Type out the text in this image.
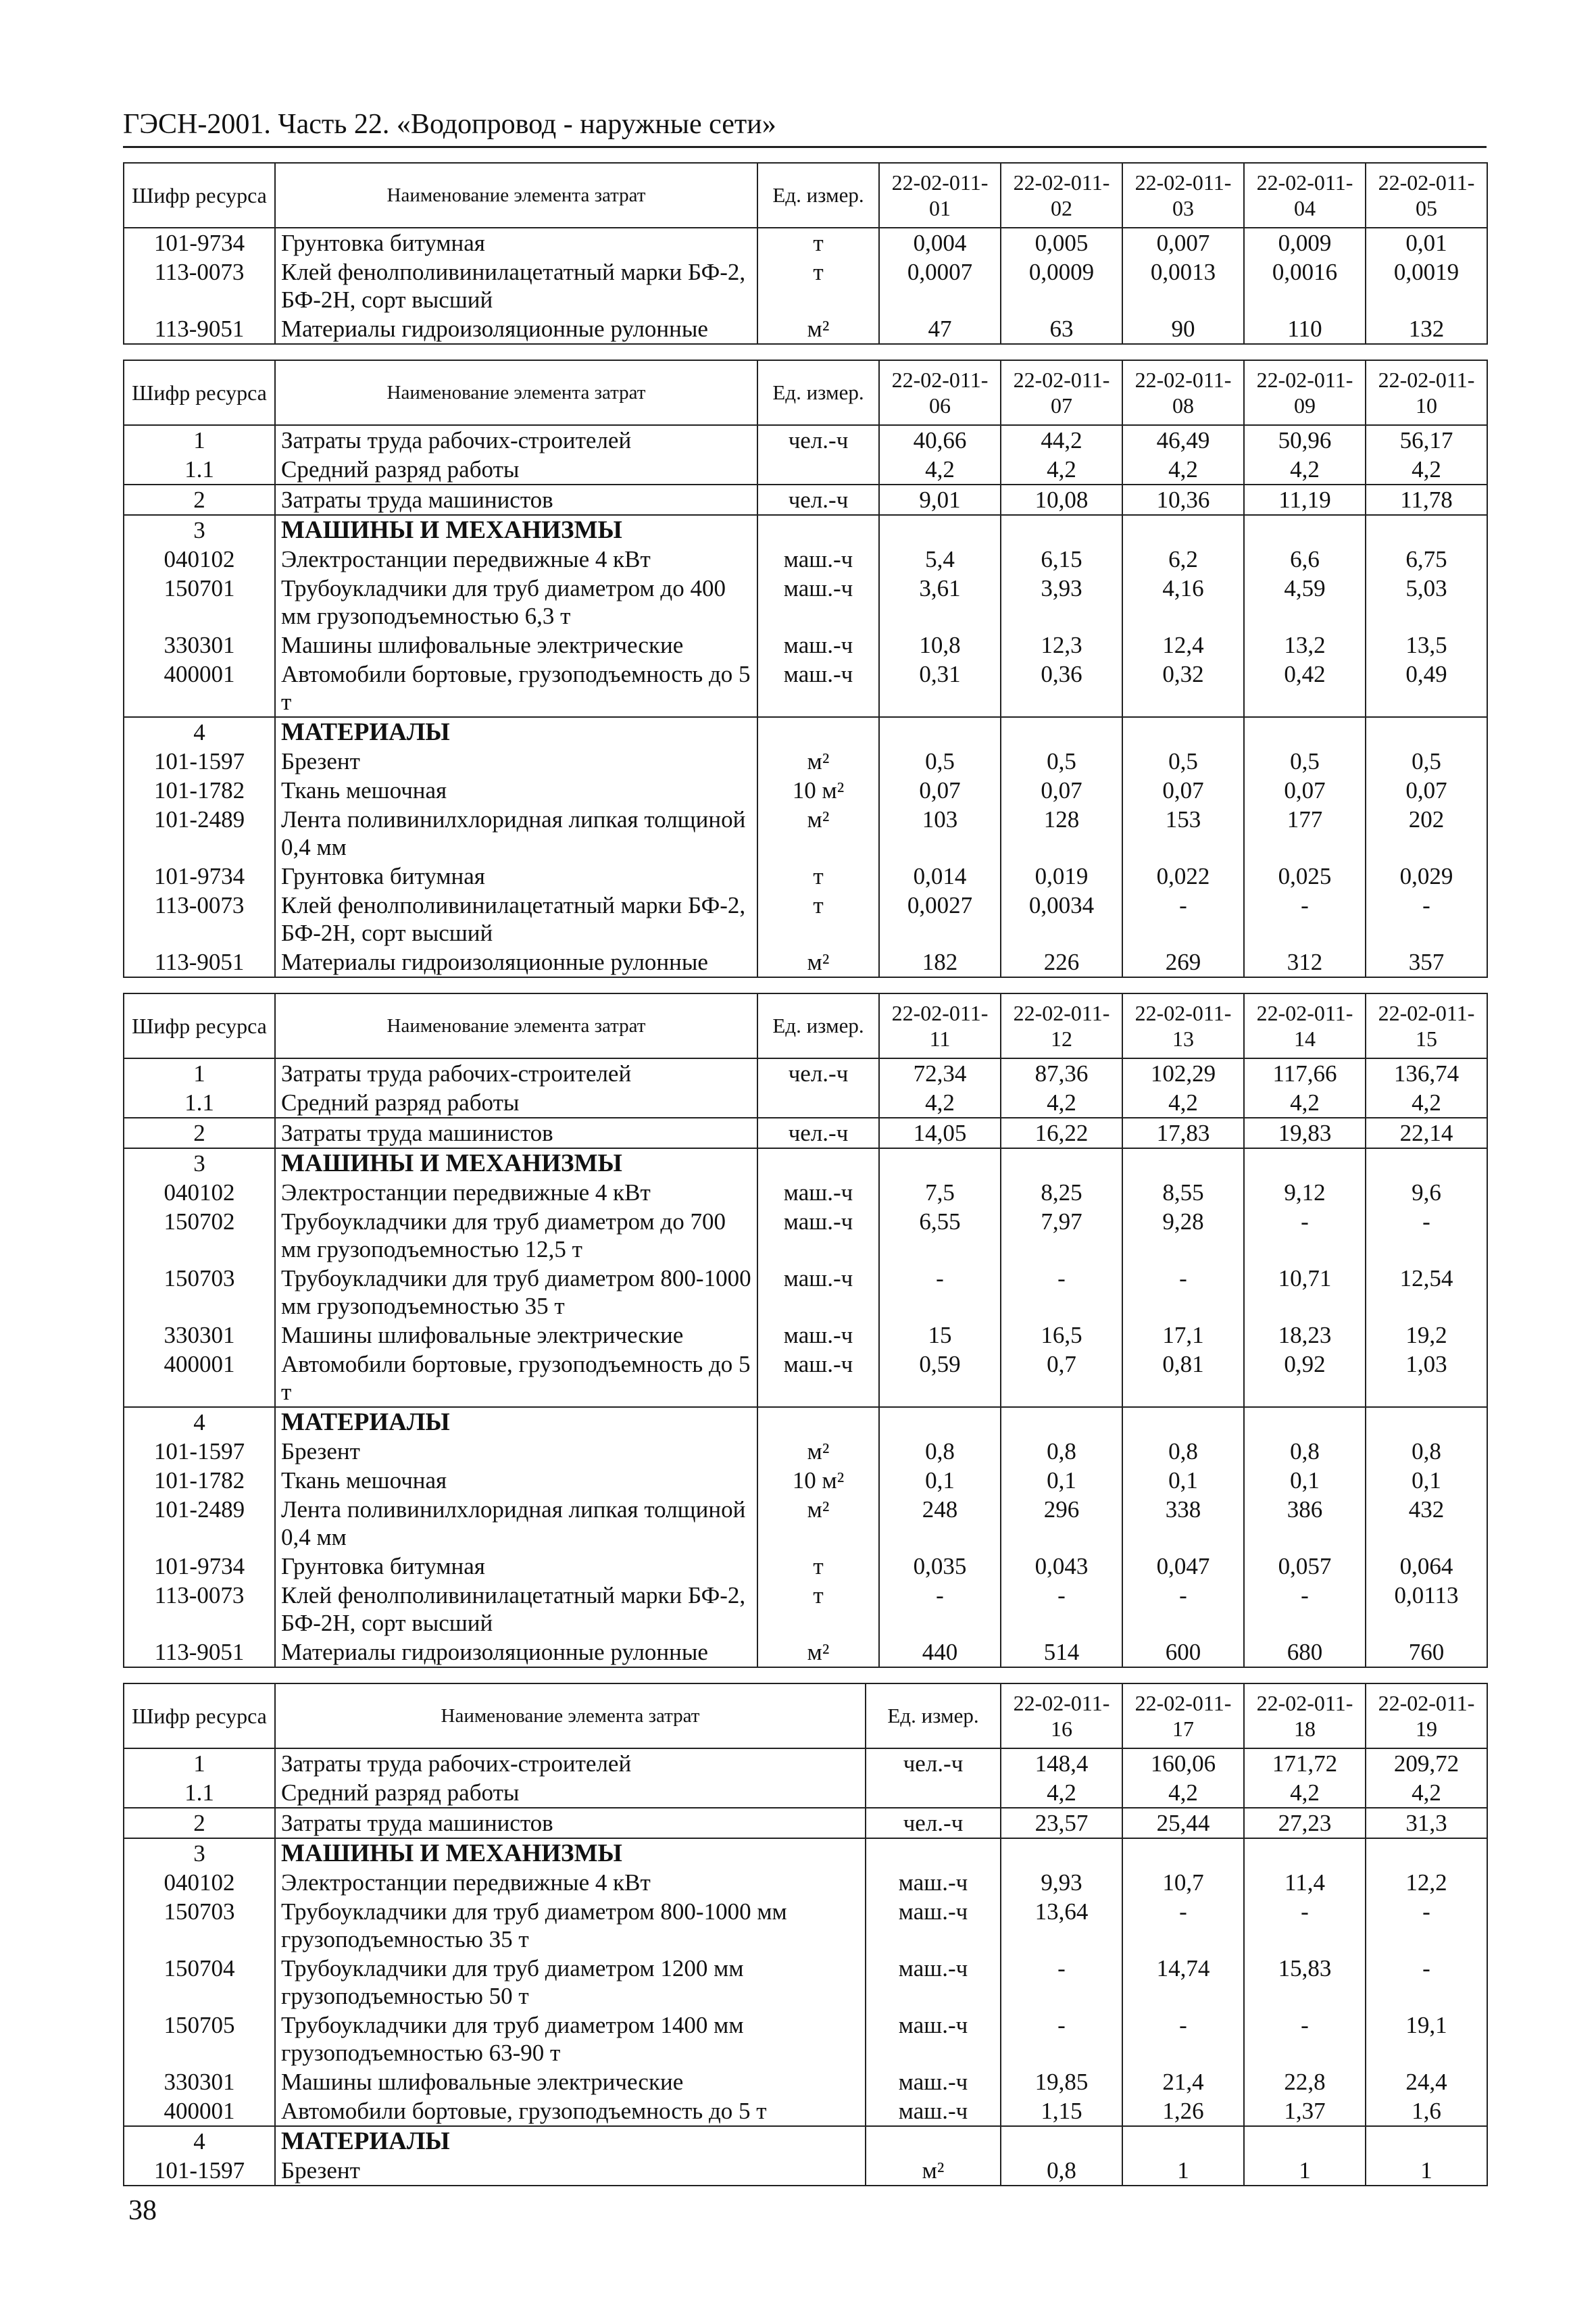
ГЭСН-2001. Часть 22. «Водопровод - наружные сети»
Шифр ресурса	Наименование элемента затрат	Ед. измер.	22-02-011-01	22-02-011-02	22-02-011-03	22-02-011-04	22-02-011-05
101-9734	Грунтовка битумная	т	0,004	0,005	0,007	0,009	0,01
113-0073	Клей фенолполивинилацетатный марки БФ-2, БФ-2Н, сорт высший	т	0,0007	0,0009	0,0013	0,0016	0,0019
113-9051	Материалы гидроизоляционные рулонные	м²	47	63	90	110	132
Шифр ресурса	Наименование элемента затрат	Ед. измер.	22-02-011-06	22-02-011-07	22-02-011-08	22-02-011-09	22-02-011-10
1	Затраты труда рабочих-строителей	чел.-ч	40,66	44,2	46,49	50,96	56,17
1.1	Средний разряд работы		4,2	4,2	4,2	4,2	4,2
2	Затраты труда машинистов	чел.-ч	9,01	10,08	10,36	11,19	11,78
3	МАШИНЫ И МЕХАНИЗМЫ						
040102	Электростанции передвижные 4 кВт	маш.-ч	5,4	6,15	6,2	6,6	6,75
150701	Трубоукладчики для труб диаметром до 400 мм грузоподъемностью 6,3 т	маш.-ч	3,61	3,93	4,16	4,59	5,03
330301	Машины шлифовальные электрические	маш.-ч	10,8	12,3	12,4	13,2	13,5
400001	Автомобили бортовые, грузоподъемность до 5 т	маш.-ч	0,31	0,36	0,32	0,42	0,49
4	МАТЕРИАЛЫ						
101-1597	Брезент	м²	0,5	0,5	0,5	0,5	0,5
101-1782	Ткань мешочная	10 м²	0,07	0,07	0,07	0,07	0,07
101-2489	Лента поливинилхлоридная липкая толщиной 0,4 мм	м²	103	128	153	177	202
101-9734	Грунтовка битумная	т	0,014	0,019	0,022	0,025	0,029
113-0073	Клей фенолполивинилацетатный марки БФ-2, БФ-2Н, сорт высший	т	0,0027	0,0034	-	-	-
113-9051	Материалы гидроизоляционные рулонные	м²	182	226	269	312	357
Шифр ресурса	Наименование элемента затрат	Ед. измер.	22-02-011-11	22-02-011-12	22-02-011-13	22-02-011-14	22-02-011-15
1	Затраты труда рабочих-строителей	чел.-ч	72,34	87,36	102,29	117,66	136,74
1.1	Средний разряд работы		4,2	4,2	4,2	4,2	4,2
2	Затраты труда машинистов	чел.-ч	14,05	16,22	17,83	19,83	22,14
3	МАШИНЫ И МЕХАНИЗМЫ						
040102	Электростанции передвижные 4 кВт	маш.-ч	7,5	8,25	8,55	9,12	9,6
150702	Трубоукладчики для труб диаметром до 700 мм грузоподъемностью 12,5 т	маш.-ч	6,55	7,97	9,28	-	-
150703	Трубоукладчики для труб диаметром 800-1000 мм грузоподъемностью 35 т	маш.-ч	-	-	-	10,71	12,54
330301	Машины шлифовальные электрические	маш.-ч	15	16,5	17,1	18,23	19,2
400001	Автомобили бортовые, грузоподъемность до 5 т	маш.-ч	0,59	0,7	0,81	0,92	1,03
4	МАТЕРИАЛЫ						
101-1597	Брезент	м²	0,8	0,8	0,8	0,8	0,8
101-1782	Ткань мешочная	10 м²	0,1	0,1	0,1	0,1	0,1
101-2489	Лента поливинилхлоридная липкая толщиной 0,4 мм	м²	248	296	338	386	432
101-9734	Грунтовка битумная	т	0,035	0,043	0,047	0,057	0,064
113-0073	Клей фенолполивинилацетатный марки БФ-2, БФ-2Н, сорт высший	т	-	-	-	-	0,0113
113-9051	Материалы гидроизоляционные рулонные	м²	440	514	600	680	760
Шифр ресурса	Наименование элемента затрат	Ед. измер.	22-02-011-16	22-02-011-17	22-02-011-18	22-02-011-19
1	Затраты труда рабочих-строителей	чел.-ч	148,4	160,06	171,72	209,72
1.1	Средний разряд работы		4,2	4,2	4,2	4,2
2	Затраты труда машинистов	чел.-ч	23,57	25,44	27,23	31,3
3	МАШИНЫ И МЕХАНИЗМЫ					
040102	Электростанции передвижные 4 кВт	маш.-ч	9,93	10,7	11,4	12,2
150703	Трубоукладчики для труб диаметром 800-1000 мм грузоподъемностью 35 т	маш.-ч	13,64	-	-	-
150704	Трубоукладчики для труб диаметром 1200 мм грузоподъемностью 50 т	маш.-ч	-	14,74	15,83	-
150705	Трубоукладчики для труб диаметром 1400 мм грузоподъемностью 63-90 т	маш.-ч	-	-	-	19,1
330301	Машины шлифовальные электрические	маш.-ч	19,85	21,4	22,8	24,4
400001	Автомобили бортовые, грузоподъемность до 5 т	маш.-ч	1,15	1,26	1,37	1,6
4	МАТЕРИАЛЫ					
101-1597	Брезент	м²	0,8	1	1	1
38
